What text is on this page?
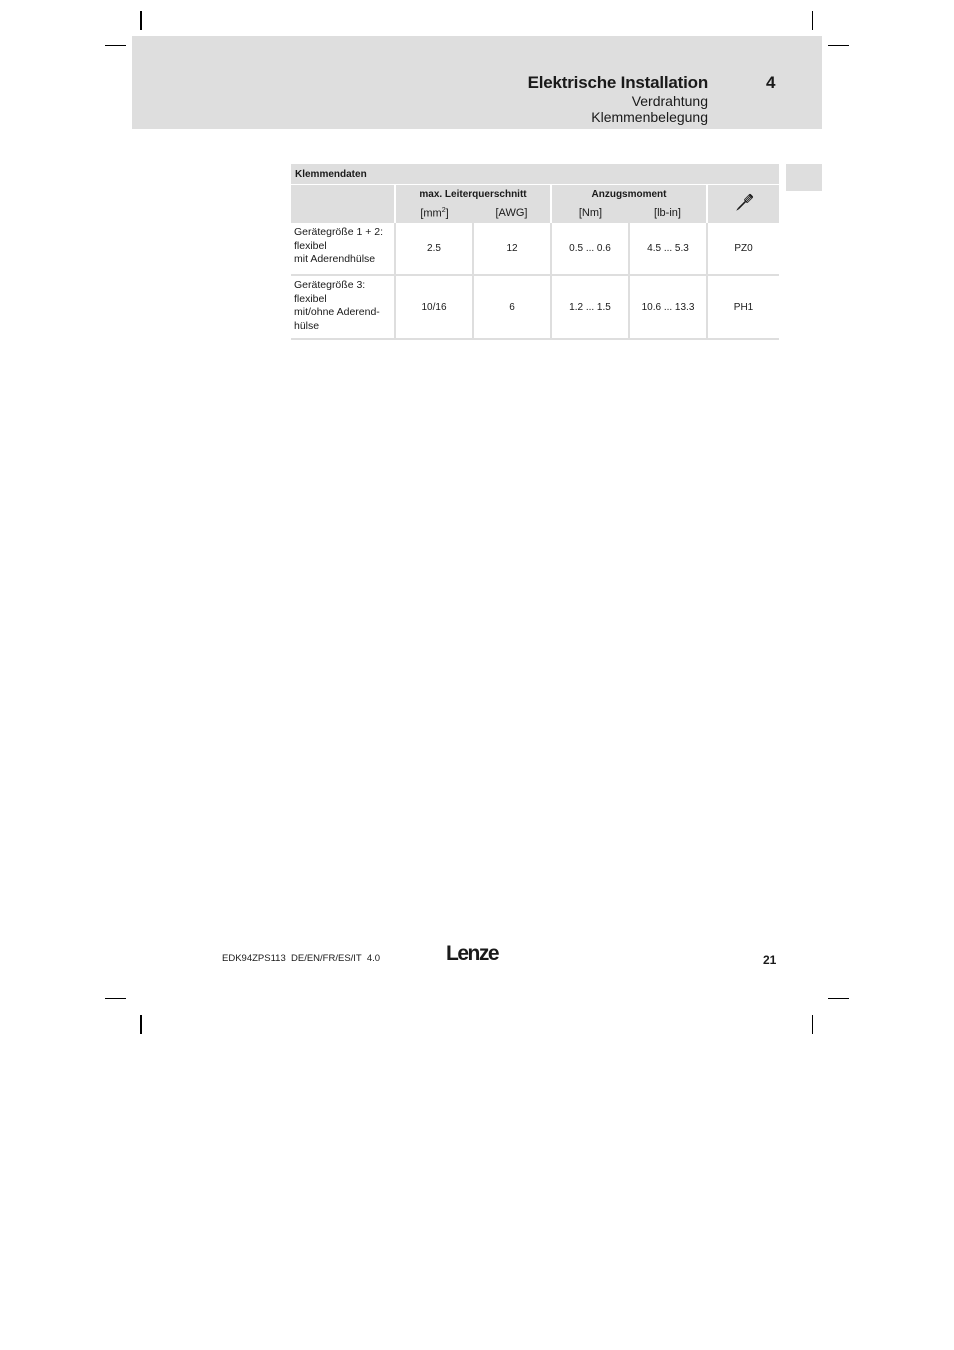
Elektrische Installation	4
Verdrahtung
Klemmenbelegung
Klemmendaten					
	max. Leiterquerschnitt		Anzugsmoment	
	$[mm^2]$	[AWG]	[Nm]	[lb-in]	

Gerätegröße 1 + 2:
flexibel
mit Aderendhülse	2.5	12	0.5 ... 0.6	4.5 ... 5.3	PZ0

Gerätegröße 3:
flexibel
mit/ohne Aderend-
hülse	10/16	6	1.2 ... 1.5	10.6 ... 13.3	PH1
EDK94ZPS113  DE/EN/FR/ES/IT  4.0	Lenze	21
